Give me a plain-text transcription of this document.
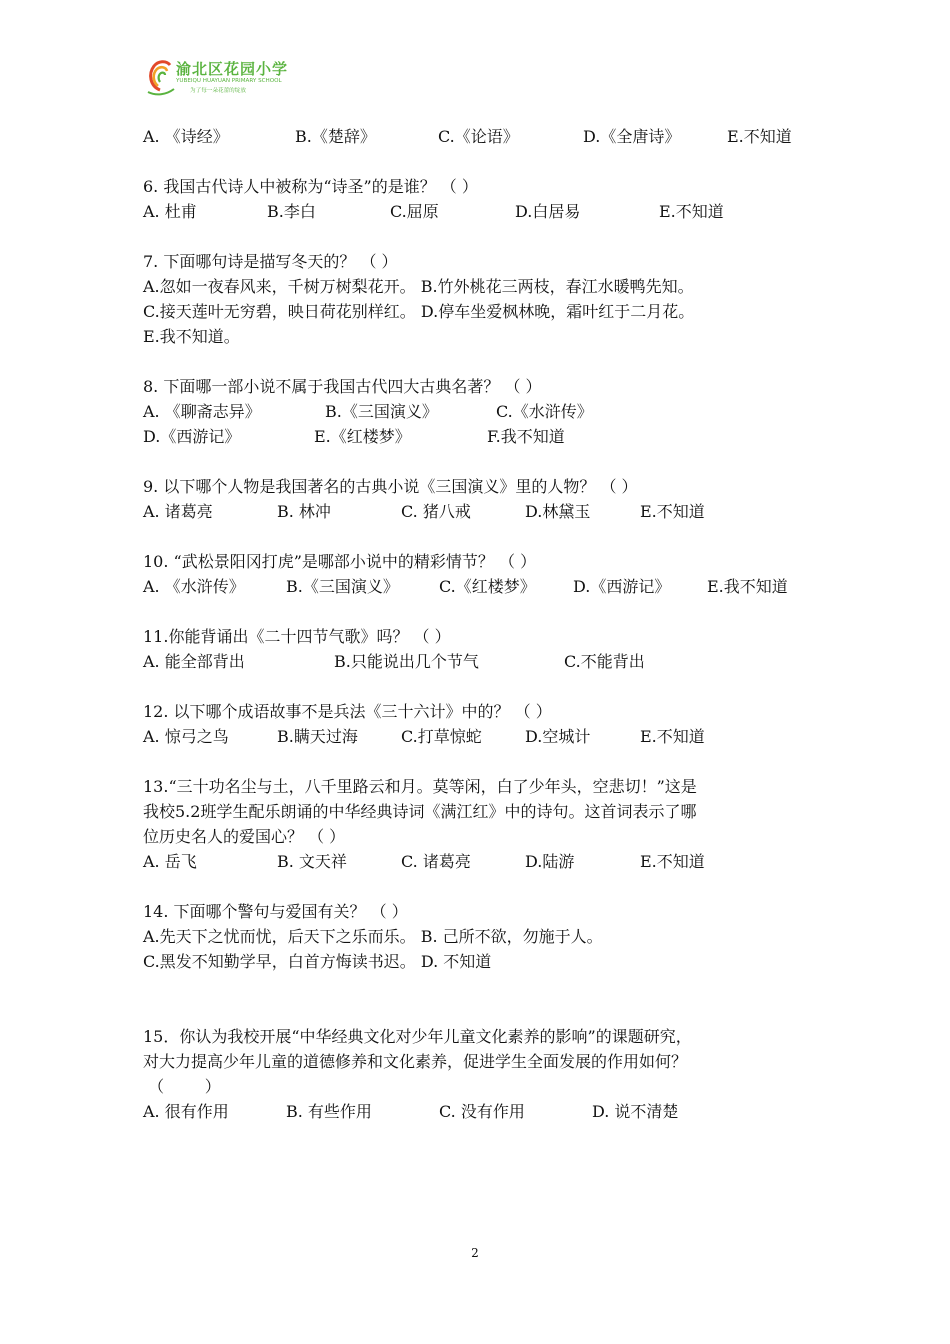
渝北区花园小学
YUBEIQU HUAYUAN PRIMARY SCHOOL
为了每一朵花蕾的绽放
A. 《诗经》	B.《楚辞》	C.《论语》	D.《全唐诗》	E.不知道
6. 我国古代诗人中被称为“诗圣”的是谁？ （ ）
A. 杜甫	B.李白	C.屈原	D.白居易	E.不知道
7. 下面哪句诗是描写冬天的？ （ ）
A.忽如一夜春风来，千树万树梨花开。 B.竹外桃花三两枝，春江水暖鸭先知。
C.接天莲叶无穷碧，映日荷花别样红。 D.停车坐爱枫林晚，霜叶红于二月花。
E.我不知道。
8. 下面哪一部小说不属于我国古代四大古典名著？ （ ）
A. 《聊斋志异》	B.《三国演义》	C.《水浒传》
D.《西游记》	E.《红楼梦》	F.我不知道
9. 以下哪个人物是我国著名的古典小说《三国演义》里的人物？ （ ）
A. 诸葛亮	B. 林冲	C. 猪八戒	D.林黛玉	E.不知道
10. “武松景阳冈打虎”是哪部小说中的精彩情节？ （ ）
A. 《水浒传》	B.《三国演义》	C.《红楼梦》 D.《西游记》 E.我不知道
11.你能背诵出《二十四节气歌》吗？ （ ）
A. 能全部背出	B.只能说出几个节气	C.不能背出
12. 以下哪个成语故事不是兵法《三十六计》中的？ （ ）
A. 惊弓之鸟	B.瞒天过海	C.打草惊蛇	D.空城计	E.不知道
13.“三十功名尘与土，八千里路云和月。莫等闲，白了少年头，空悲切！”这是
我校5.2班学生配乐朗诵的中华经典诗词《满江红》中的诗句。这首词表示了哪
位历史名人的爱国心？ （ ）
A. 岳飞	B. 文天祥	C. 诸葛亮	D.陆游	E.不知道
14. 下面哪个警句与爱国有关？ （ ）
A.先天下之忧而忧，后天下之乐而乐。 B. 己所不欲，勿施于人。
C.黑发不知勤学早，白首方悔读书迟。 D. 不知道
15．你认为我校开展“中华经典文化对少年儿童文化素养的影响”的课题研究，
对大力提高少年儿童的道德修养和文化素养，促进学生全面发展的作用如何？
（        ）
A. 很有作用	B. 有些作用	C. 没有作用	D. 说不清楚
2
